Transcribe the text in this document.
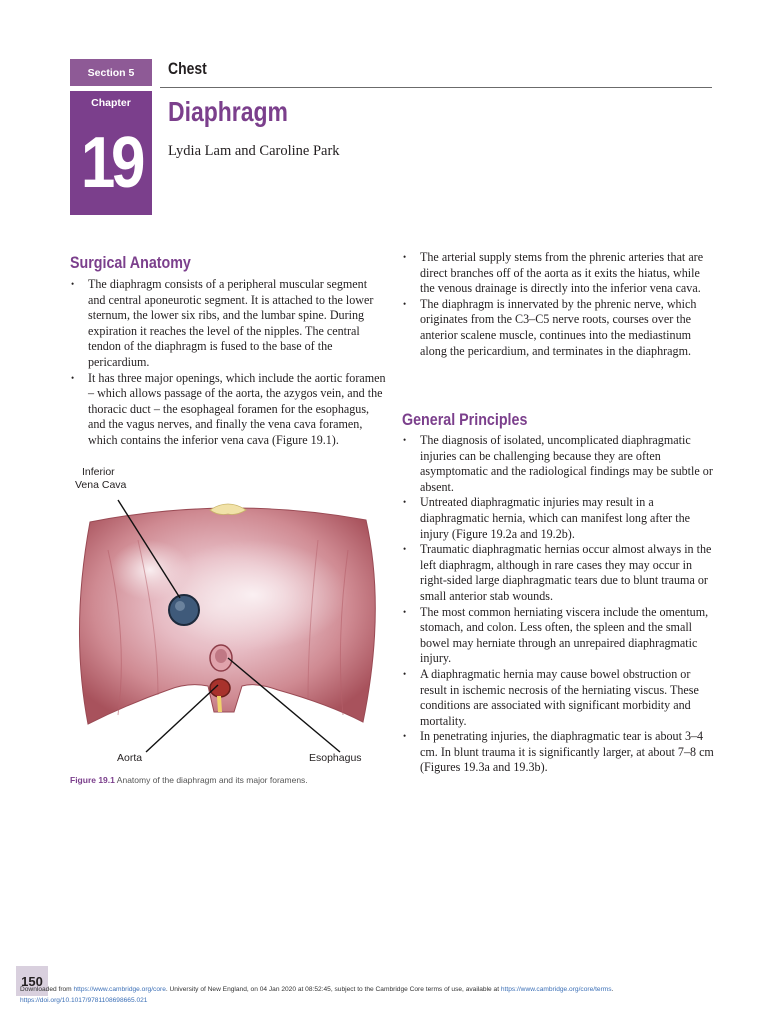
Section 5 Chest
Chapter
19
Diaphragm
Lydia Lam and Caroline Park
Surgical Anatomy
• The diaphragm consists of a peripheral muscular segment and central aponeurotic segment. It is attached to the lower sternum, the lower six ribs, and the lumbar spine. During expiration it reaches the level of the nipples. The central tendon of the diaphragm is fused to the base of the pericardium.
• It has three major openings, which include the aortic foramen – which allows passage of the aorta, the azygos vein, and the thoracic duct – the esophageal foramen for the esophagus, and the vagus nerves, and finally the vena cava foramen, which contains the inferior vena cava (Figure 19.1).
Inferior
Vena Cava
Aorta	Esophagus
Figure 19.1 Anatomy of the diaphragm and its major foramens.
• The arterial supply stems from the phrenic arteries that are direct branches off of the aorta as it exits the hiatus, while the venous drainage is directly into the inferior vena cava.
• The diaphragm is innervated by the phrenic nerve, which originates from the C3–C5 nerve roots, courses over the anterior scalene muscle, continues into the mediastinum along the pericardium, and terminates in the diaphragm.
General Principles
• The diagnosis of isolated, uncomplicated diaphragmatic injuries can be challenging because they are often asymptomatic and the radiological findings may be subtle or absent.
• Untreated diaphragmatic injuries may result in a diaphragmatic hernia, which can manifest long after the injury (Figure 19.2a and 19.2b).
• Traumatic diaphragmatic hernias occur almost always in the left diaphragm, although in rare cases they may occur in right-sided large diaphragmatic tears due to blunt trauma or small anterior stab wounds.
• The most common herniating viscera include the omentum, stomach, and colon. Less often, the spleen and the small bowel may herniate through an unrepaired diaphragmatic injury.
• A diaphragmatic hernia may cause bowel obstruction or result in ischemic necrosis of the herniating viscus. These conditions are associated with significant morbidity and mortality.
• In penetrating injuries, the diaphragmatic tear is about 3–4 cm. In blunt trauma it is significantly larger, at about 7–8 cm (Figures 19.3a and 19.3b).
150
Downloaded from https://www.cambridge.org/core. University of New England, on 04 Jan 2020 at 08:52:45, subject to the Cambridge Core terms of use, available at https://www.cambridge.org/core/terms.
https://doi.org/10.1017/9781108698665.021
